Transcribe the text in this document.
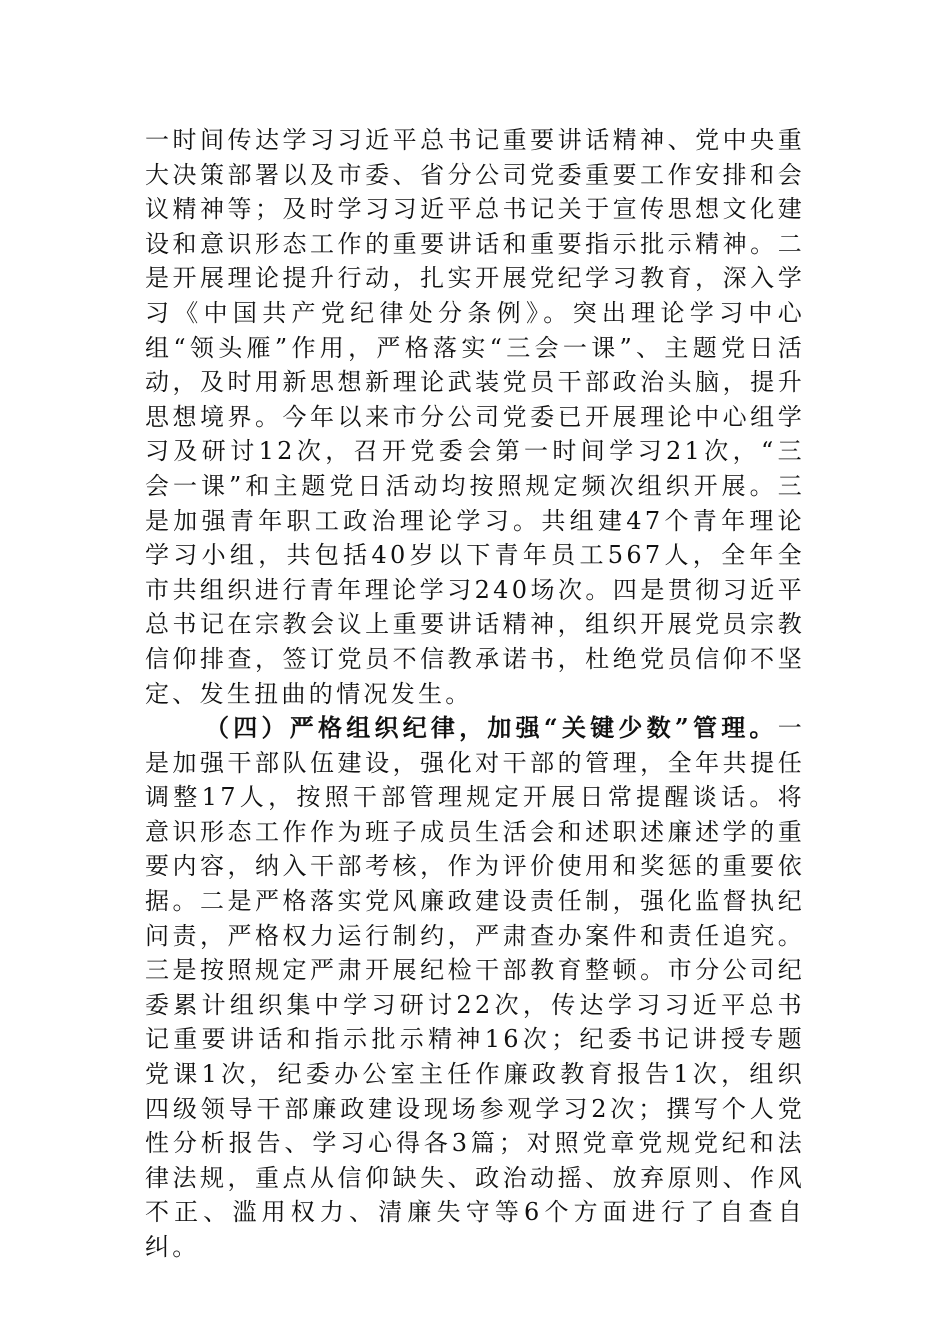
一时间传达学习习近平总书记重要讲话精神、党中央重大决策部署以及市委、省分公司党委重要工作安排和会议精神等；及时学习习近平总书记关于宣传思想文化建设和意识形态工作的重要讲话和重要指示批示精神。二是开展理论提升行动，扎实开展党纪学习教育，深入学习《中国共产党纪律处分条例》。突出理论学习中心组“领头雁”作用，严格落实“三会一课”、主题党日活动，及时用新思想新理论武装党员干部政治头脑，提升思想境界。今年以来市分公司党委已开展理论中心组学习及研讨12次，召开党委会第一时间学习21次，“三会一课”和主题党日活动均按照规定频次组织开展。三是加强青年职工政治理论学习。共组建47个青年理论学习小组，共包括40岁以下青年员工567人，全年全市共组织进行青年理论学习240场次。四是贯彻习近平总书记在宗教会议上重要讲话精神，组织开展党员宗教信仰排查，签订党员不信教承诺书，杜绝党员信仰不坚定、发生扭曲的情况发生。

（四）严格组织纪律，加强“关键少数”管理。一是加强干部队伍建设，强化对干部的管理，全年共提任调整17人，按照干部管理规定开展日常提醒谈话。将意识形态工作作为班子成员生活会和述职述廉述学的重要内容，纳入干部考核，作为评价使用和奖惩的重要依据。二是严格落实党风廉政建设责任制，强化监督执纪问责，严格权力运行制约，严肃查办案件和责任追究。三是按照规定严肃开展纪检干部教育整顿。市分公司纪委累计组织集中学习研讨22次，传达学习习近平总书记重要讲话和指示批示精神16次；纪委书记讲授专题党课1次，纪委办公室主任作廉政教育报告1次，组织四级领导干部廉政建设现场参观学习2次；撰写个人党性分析报告、学习心得各3篇；对照党章党规党纪和法律法规，重点从信仰缺失、政治动摇、放弃原则、作风不正、滥用权力、清廉失守等6个方面进行了自查自纠。
